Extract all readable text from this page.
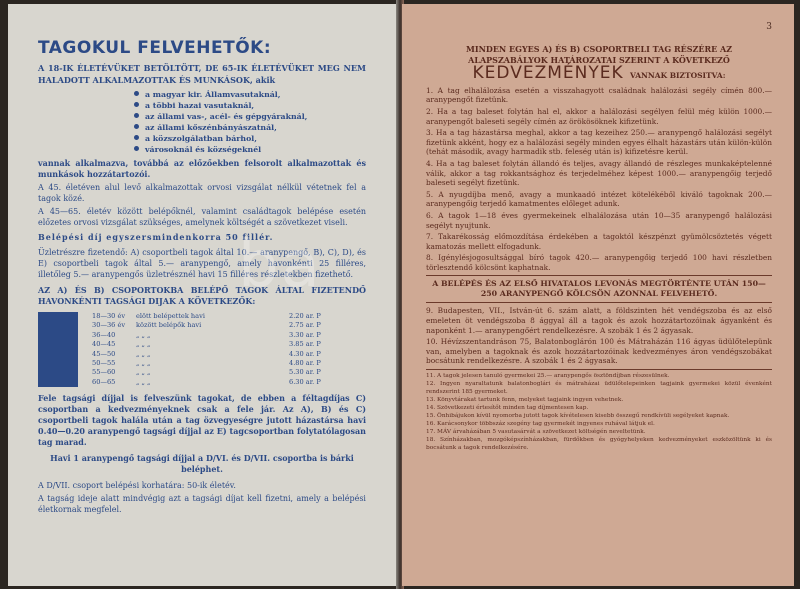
TAGOKUL FELVEHETŐK:
A 18-IK ÉLETÉVÜKET BETÖLTÖTT, DE 65-IK ÉLETÉVÜKET MEG NEM HALADOTT ALKALMAZOTTAK ÉS MUNKÁSOK, akik
a magyar kir. Államvasutaknál,
a többi hazai vasutaknál,
az állami vas-, acél- és gépgyáraknál,
az állami kőszénbányászatnál,
a közszolgálatban bárhol,
városoknál és községeknél
vannak alkalmazva, továbbá az előzőekben felsorolt alkalmazottak és munkások hozzátartozói.
A 45. életéven alul levő alkalmazottak orvosi vizsgálat nélkül vétetnek fel a tagok közé.
A 45—65. életév között belépőknél, valamint családtagok belépése esetén előzetes orvosi vizsgálat szükséges, amelynek költségét a szövetkezet viseli.
Belépési díj egyszersmindenkorra 50 fillér.
Üzletrészre fizetendő: A) csoportbeli tagok által 10.— aranypengő, B), C), D), és E) csoportbeli tagok által 5.— aranypengő, amely havonkénti 25 filléres, illetőleg 5.— aranypengős üzletrésznél havi 15 filléres részletekben fizethető.
AZ A) ÉS B) CSOPORTOKBA BELÉPŐ TAGOK ÁLTAL FIZETENDŐ HAVONKÉNTI TAGSÁGI DIJAK A KÖVETKEZŐK:
18—30 év	elött belépettek havi	2.20 ar. P
30—36 év	között belépők havi	2.75 ar. P
36—40	„ „ „	3.30 ar. P
40—45	„ „ „	3.85 ar. P
45—50	„ „ „	4.30 ar. P
50—55	„ „ „	4.80 ar. P
55—60	„ „ „	5.30 ar. P
60—65	„ „ „	6.30 ar. P
Fele tagsági díjjal is felveszünk tagokat, de ebben a féltagdíjas C) csoportban a kedvezményeknek csak a fele jár. Az A), B) és C) csoportbeli tagok halála után a tag özvegyeségre jutott házastársa havi 0.40—0.20 aranypengő tagsági díjjal az E) tagcsoportban folytatólagosan tag marad.
Havi 1 aranypengő tagsági díjjal a D/VI. és D/VII. csoportba is bárki beléphet.
A D/VII. csoport belépési korhatára: 50-ik életév.
A tagság ideje alatt mindvégig azt a tagsági díjat kell fizetni, amely a belépési életkornak megfelel.
3
MINDEN EGYES A) ÉS B) CSOPORTBELI TAG RÉSZÉRE AZ ALAPSZABÁLYOK HATÁROZATAI SZERINT A KÖVETKEZŐ
KEDVEZMÉNYEK VANNAK BIZTOSITVA:
1. A tag elhalálozása esetén a visszahagyott családnak halálozási segély címén 800.— aranypengőt fizetünk.
2. Ha a tag baleset folytán hal el, akkor a halálozási segélyen felül még külön 1000.— aranypengőt baleseti segély címén az örökösöknek kifizetünk.
3. Ha a tag házastársa meghal, akkor a tag kezeihez 250.— aranypengő halálozási segélyt fizetünk akként, hogy ez a halálozási segély minden egyes élhalt házastárs után külön-külön (tehát második, avagy harmadik stb. feleség után is) kifizetésre kerül.
4. Ha a tag baleset folytán állandó és teljes, avagy állandó de részleges munkaképtelenné válik, akkor a tag rokkantsághoz és terjedelméhez képest 1000.— aranypengőig terjedő baleseti segélyt fizetünk.
5. A nyugdíjba menő, avagy a munkaadó intézet kötelékéből kiváló tagoknak 200.— aranypengőig terjedő kamatmentes előleget adunk.
6. A tagok 1—18 éves gyermekeinek elhalálozása után 10—35 aranypengő halálozási segélyt nyujtunk.
7. Takarékosság előmozdítása érdekében a tagoktól készpénzt gyümölcsöztetés végett kamatozás mellett elfogadunk.
8. Igénylésjogosultsággal bíró tagok 420.— aranypengőig terjedő 100 havi részletben törlesztendő kölcsönt kaphatnak.
A BELÉPÉS ÉS AZ ELSŐ HIVATALOS LEVONÁS MEGTÖRTÉNTE UTÁN 150—250 ARANYPENGŐ KÖLCSÖN AZONNAL FELVEHETŐ.
9. Budapesten, VII., István-út 6. szám alatt, a földszinten hét vendégszoba és az első emeleten öt vendégszoba 8 ággyal áll a tagok és azok hozzátartozóinak ágyanként és naponként 1.— aranypengőért rendelkezésre. A szobák 1 és 2 ágyasak.
10. Hévízszentandráson 75, Balatonboglárón 100 és Mátraházán 116 ágyas üdülőtelepünk van, amelyben a tagoknak és azok hozzátartozóinak kedvezményes áron vendégszobákat bocsátunk rendelkezésre. A szobák 1 és 2 ágyasak.
11. A tagok jelesen tanuló gyermekei 25.— aranypengős ösztöndíjban részesülnek.
12. Ingyen nyaraltatunk balatonboglári és mátraházai üdülőtelepeinken tagjaink gyermekei közül évenként rendszerint 185 gyermeket.
13. Könyvtárakat tartunk fenn, melyeket tagjaink ingyen vehetnek.
14. Szövetkezeti értesítőt minden tag díjmentesen kap.
15. Önhibájukon kívül nyomorba jutott tagok kívételesen kisebb összegű rendkívüli segélyeket kapnak.
16. Karácsonykor többszáz szegény tag gyermekét ingyenes ruhával látjuk el.
17. MÁV árvaházában 5 vasutasárvát a szövetkezet költségén neveltetünk.
18. Színházakban, mozgóképszínházakban, fürdőkben és gyógyhelyeken kedvezményeket eszközöltünk ki és bocsátunk a tagok rendelkezésére.
ba
